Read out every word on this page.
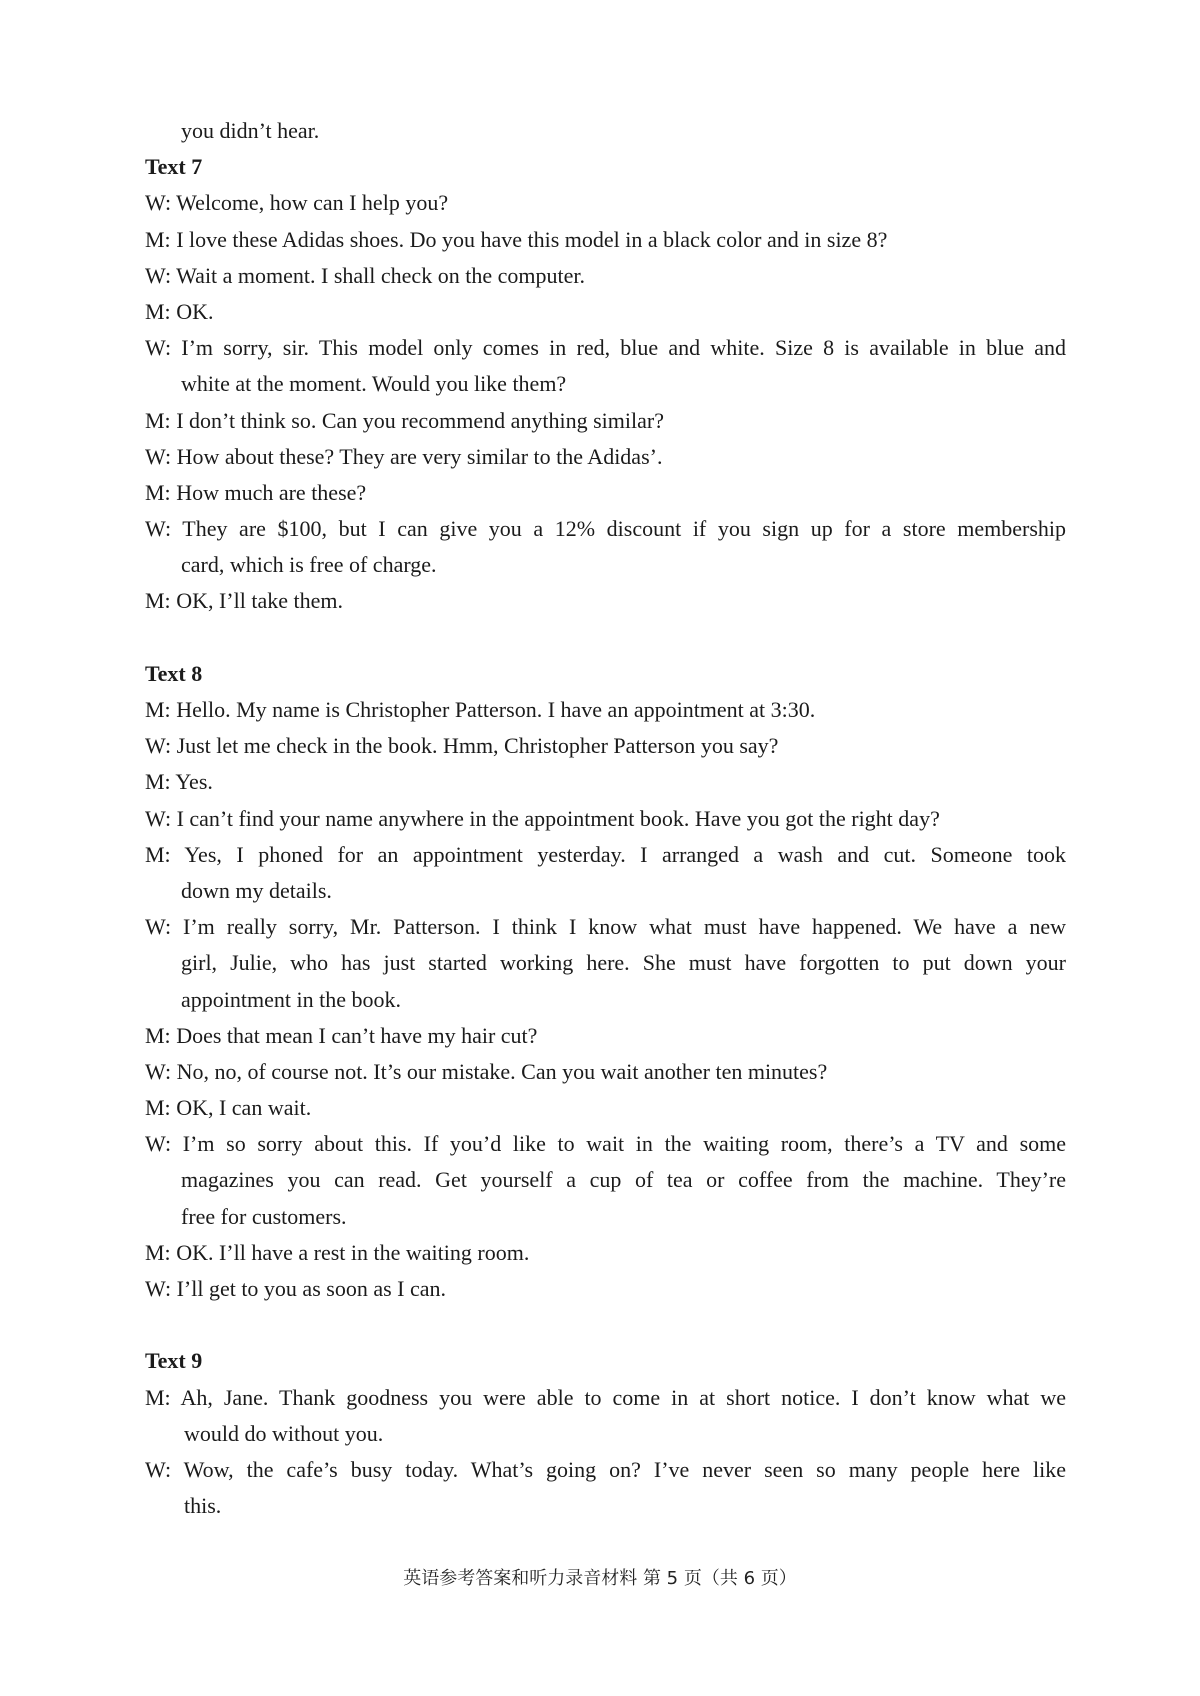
you didn’t hear.
Text 7
W: Welcome, how can I help you?
M: I love these Adidas shoes. Do you have this model in a black color and in size 8?
W: Wait a moment. I shall check on the computer.
M: OK.
W: I’m sorry, sir. This model only comes in red, blue and white. Size 8 is available in blue and
white at the moment. Would you like them?
M: I don’t think so. Can you recommend anything similar?
W: How about these? They are very similar to the Adidas’.
M: How much are these?
W: They are $100, but I can give you a 12% discount if you sign up for a store membership
card, which is free of charge.
M: OK, I’ll take them.
Text 8
M: Hello. My name is Christopher Patterson. I have an appointment at 3:30.
W: Just let me check in the book. Hmm, Christopher Patterson you say?
M: Yes.
W: I can’t find your name anywhere in the appointment book. Have you got the right day?
M: Yes, I phoned for an appointment yesterday. I arranged a wash and cut. Someone took
down my details.
W: I’m really sorry, Mr. Patterson. I think I know what must have happened. We have a new
girl, Julie, who has just started working here. She must have forgotten to put down your
appointment in the book.
M: Does that mean I can’t have my hair cut?
W: No, no, of course not. It’s our mistake. Can you wait another ten minutes?
M: OK, I can wait.
W: I’m so sorry about this. If you’d like to wait in the waiting room, there’s a TV and some
magazines you can read. Get yourself a cup of tea or coffee from the machine. They’re
free for customers.
M: OK. I’ll have a rest in the waiting room.
W: I’ll get to you as soon as I can.
Text 9
M: Ah, Jane. Thank goodness you were able to come in at short notice. I don’t know what we
would do without you.
W: Wow, the cafe’s busy today. What’s going on? I’ve never seen so many people here like
this.
英语参考答案和听力录音材料 第 5 页（共 6 页）
